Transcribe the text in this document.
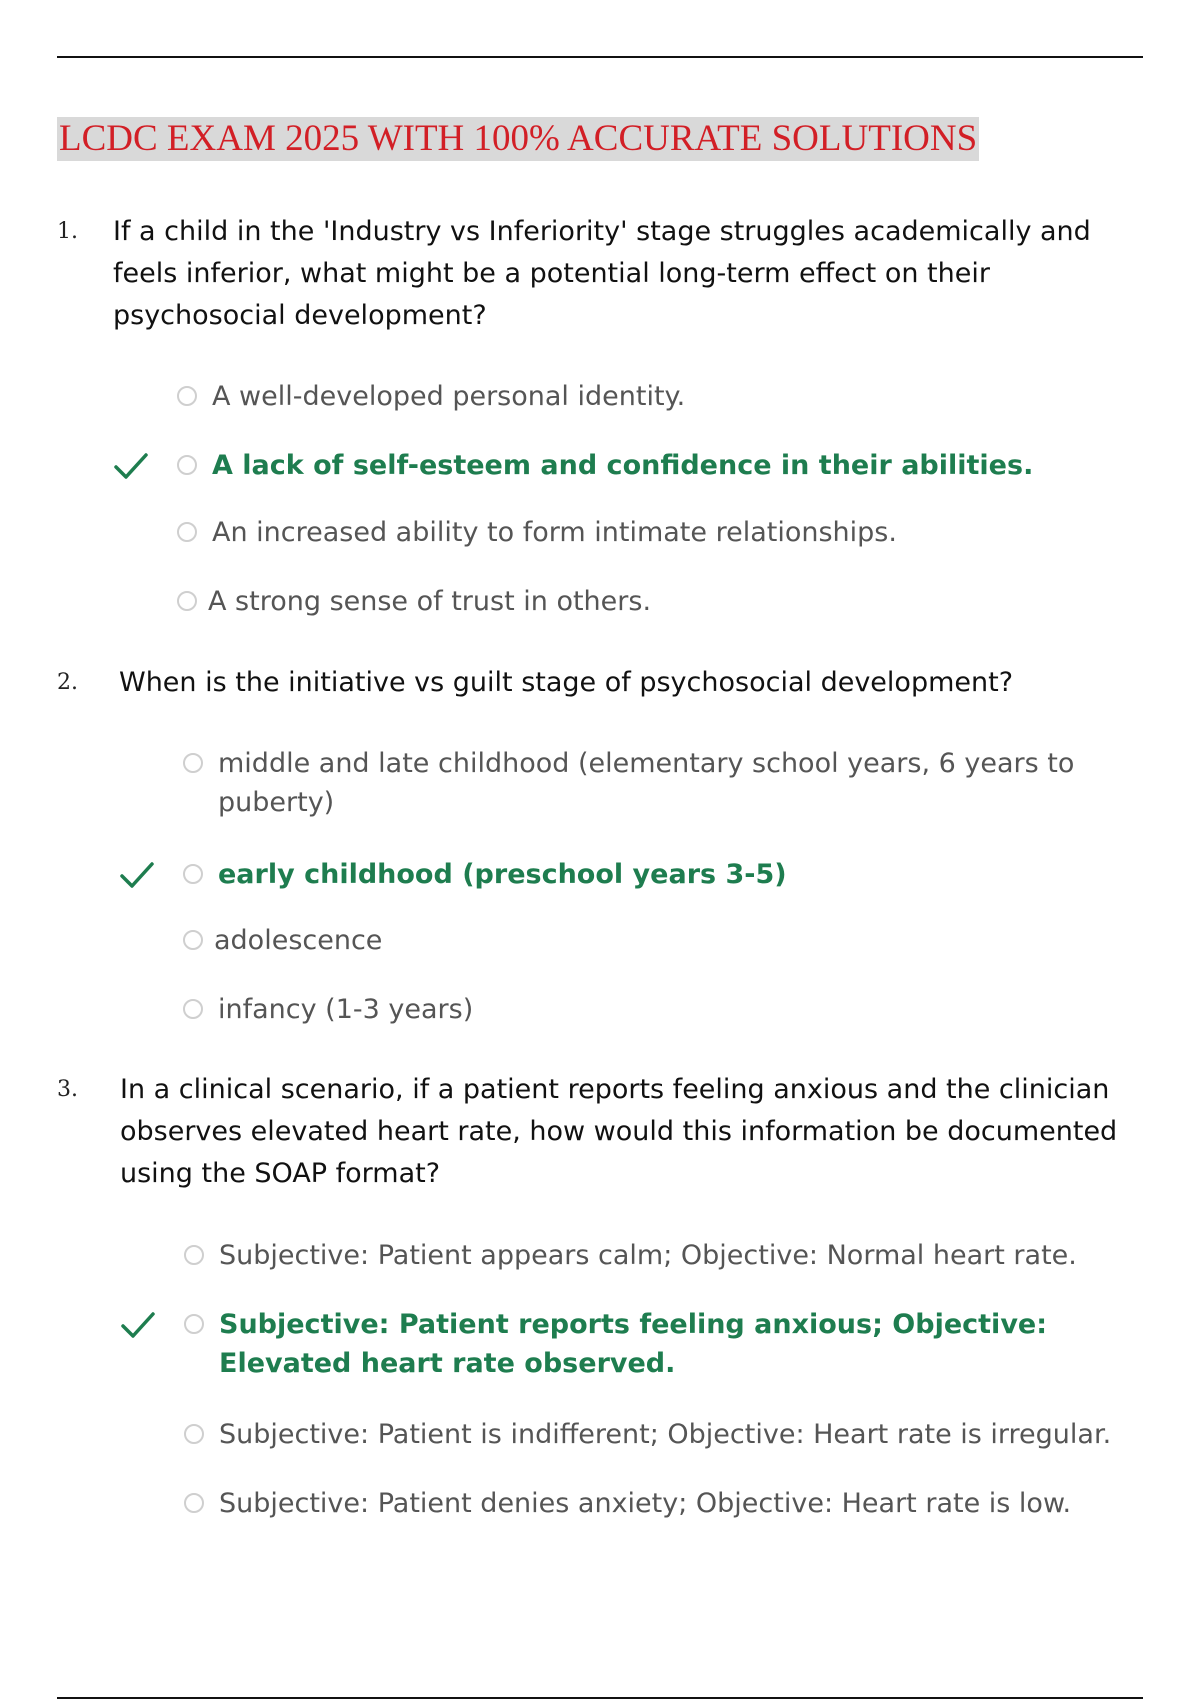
LCDC EXAM 2025 WITH 100% ACCURATE SOLUTIONS
1. If a child in the 'Industry vs Inferiority' stage struggles academically and feels inferior, what might be a potential long-term effect on their psychosocial development?
A well-developed personal identity.
A lack of self-esteem and confidence in their abilities.
An increased ability to form intimate relationships.
A strong sense of trust in others.
2. When is the initiative vs guilt stage of psychosocial development?
middle and late childhood (elementary school years, 6 years to puberty)
early childhood (preschool years 3-5)
adolescence
infancy (1-3 years)
3. In a clinical scenario, if a patient reports feeling anxious and the clinician observes elevated heart rate, how would this information be documented using the SOAP format?
Subjective: Patient appears calm; Objective: Normal heart rate.
Subjective: Patient reports feeling anxious; Objective: Elevated heart rate observed.
Subjective: Patient is indifferent; Objective: Heart rate is irregular.
Subjective: Patient denies anxiety; Objective: Heart rate is low.
